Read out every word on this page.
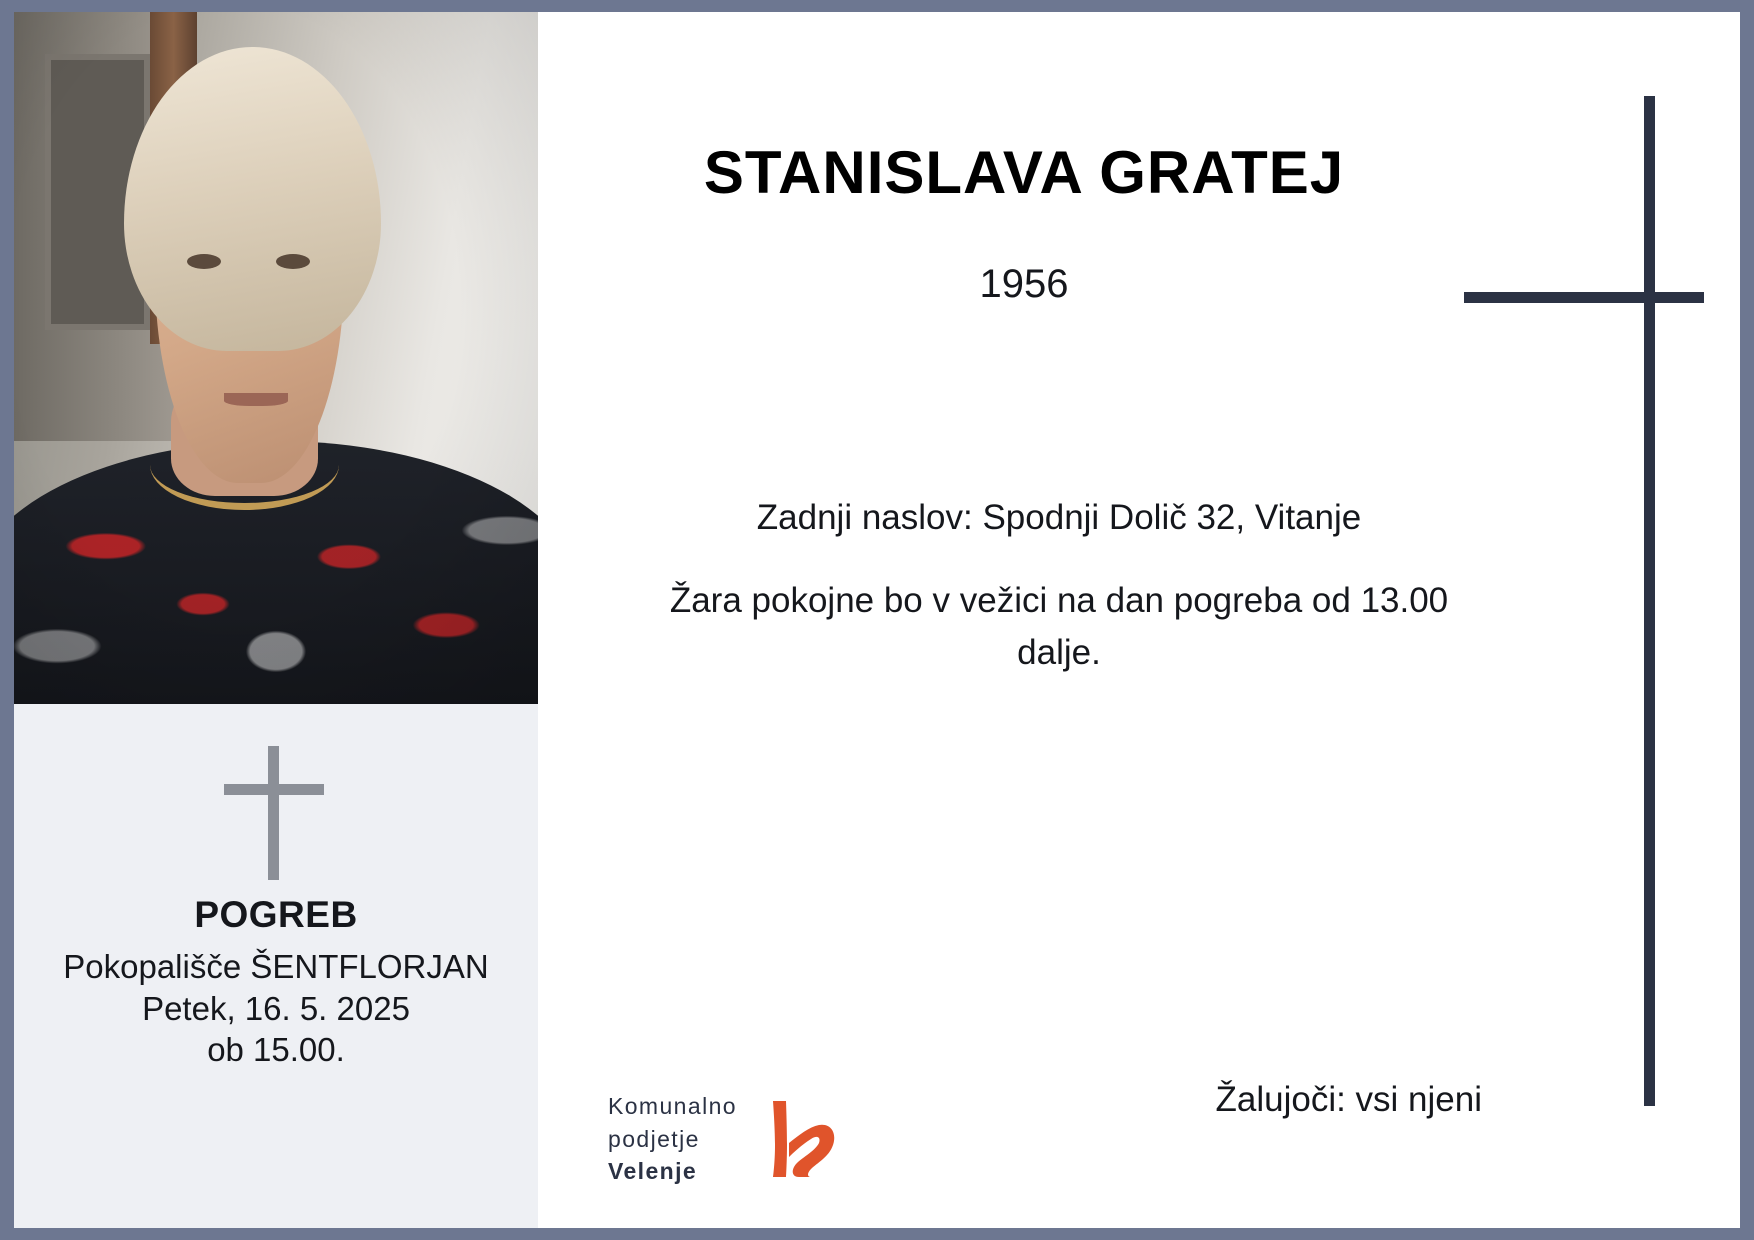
POGREB
Pokopališče ŠENTFLORJAN
Petek, 16. 5. 2025
ob 15.00.
STANISLAVA GRATEJ
1956
Zadnji naslov: Spodnji Dolič 32, Vitanje
Žara pokojne bo v vežici na dan pogreba od 13.00
dalje.
Žalujoči: vsi njeni
Komunalno
podjetje
Velenje
